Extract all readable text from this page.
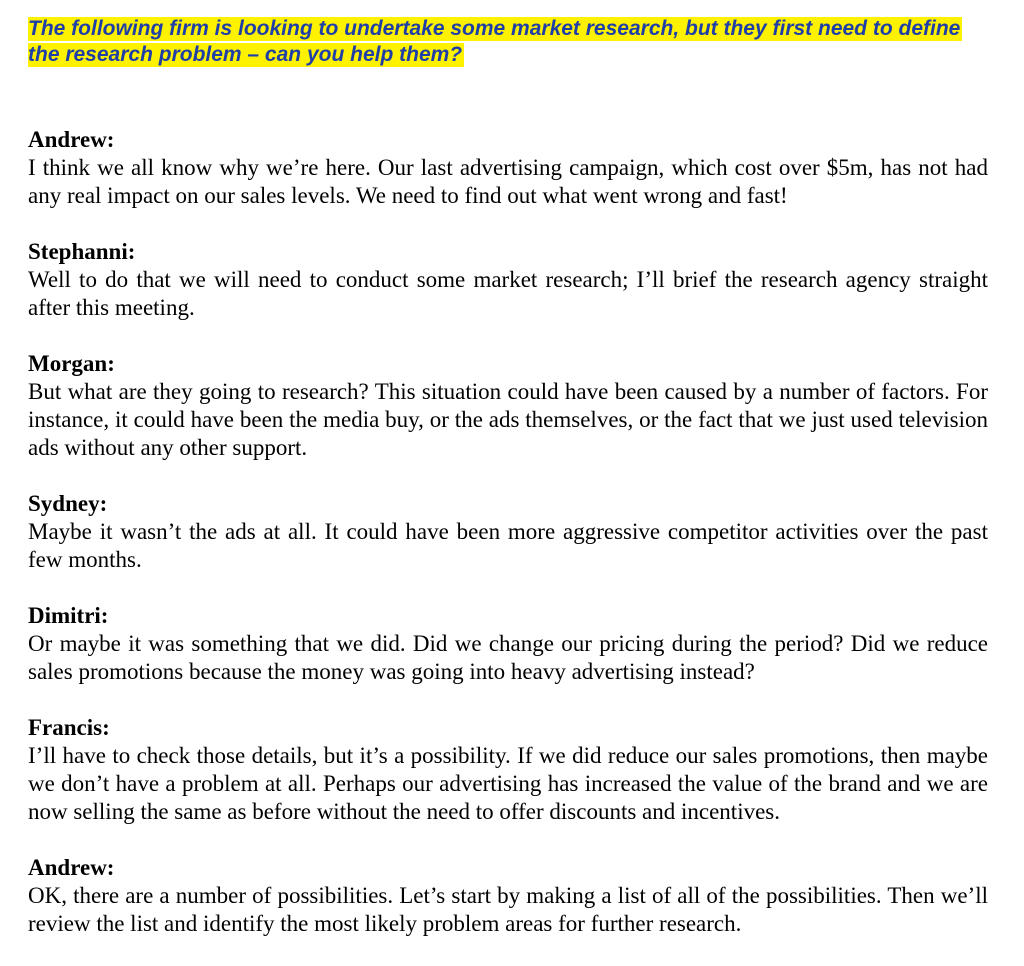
The following firm is looking to undertake some market research, but they first need to define the research problem – can you help them?

Andrew:

I think we all know why we’re here. Our last advertising campaign, which cost over $5m, has not had any real impact on our sales levels. We need to find out what went wrong and fast!

Stephanni:

Well to do that we will need to conduct some market research; I’ll brief the research agency straight after this meeting.

Morgan:

But what are they going to research? This situation could have been caused by a number of factors. For instance, it could have been the media buy, or the ads themselves, or the fact that we just used television ads without any other support.

Sydney:

Maybe it wasn’t the ads at all. It could have been more aggressive competitor activities over the past few months.

Dimitri:

Or maybe it was something that we did. Did we change our pricing during the period? Did we reduce sales promotions because the money was going into heavy advertising instead?

Francis:

I’ll have to check those details, but it’s a possibility. If we did reduce our sales promotions, then maybe we don’t have a problem at all. Perhaps our advertising has increased the value of the brand and we are now selling the same as before without the need to offer discounts and incentives.

Andrew:

OK, there are a number of possibilities. Let’s start by making a list of all of the possibilities. Then we’ll review the list and identify the most likely problem areas for further research.
